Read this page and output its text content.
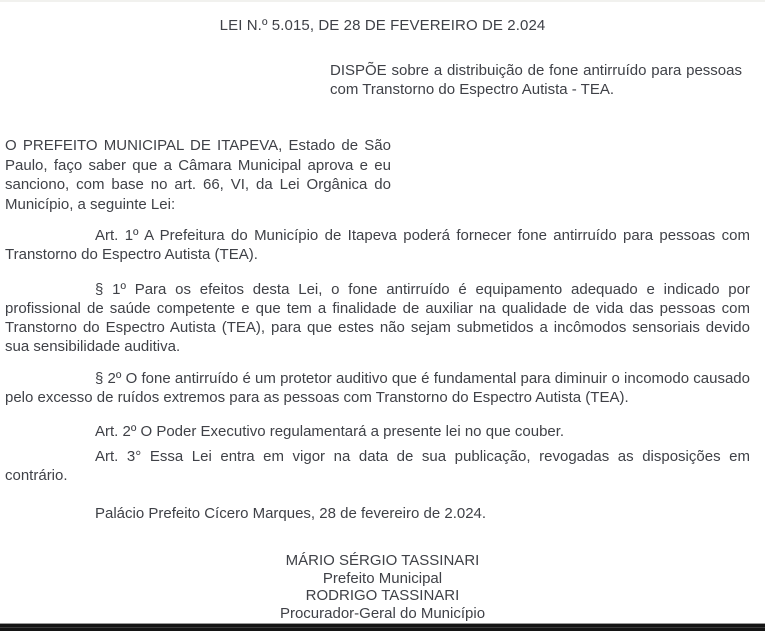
LEI N.º 5.015, DE 28 DE FEVEREIRO DE 2.024
DISPÕE sobre a distribuição de fone antirruído para pessoas com Transtorno do Espectro Autista - TEA.
O PREFEITO MUNICIPAL DE ITAPEVA, Estado de São Paulo, faço saber que a Câmara Municipal aprova e eu sanciono, com base no art. 66, VI, da Lei Orgânica do Município, a seguinte Lei:
Art. 1º A Prefeitura do Município de Itapeva poderá fornecer fone antirruído para pessoas com Transtorno do Espectro Autista (TEA).
§ 1º Para os efeitos desta Lei, o fone antirruído é equipamento adequado e indicado por profissional de saúde competente e que tem a finalidade de auxiliar na qualidade de vida das pessoas com Transtorno do Espectro Autista (TEA), para que estes não sejam submetidos a incômodos sensoriais devido sua sensibilidade auditiva.
§ 2º O fone antirruído é um protetor auditivo que é fundamental para diminuir o incomodo causado pelo excesso de ruídos extremos para as pessoas com Transtorno do Espectro Autista (TEA).
Art. 2º O Poder Executivo regulamentará a presente lei no que couber.
Art. 3° Essa Lei entra em vigor na data de sua publicação, revogadas as disposições em contrário.
Palácio Prefeito Cícero Marques, 28 de fevereiro de 2.024.
MÁRIO SÉRGIO TASSINARI
Prefeito Municipal
RODRIGO TASSINARI
Procurador-Geral do Município
